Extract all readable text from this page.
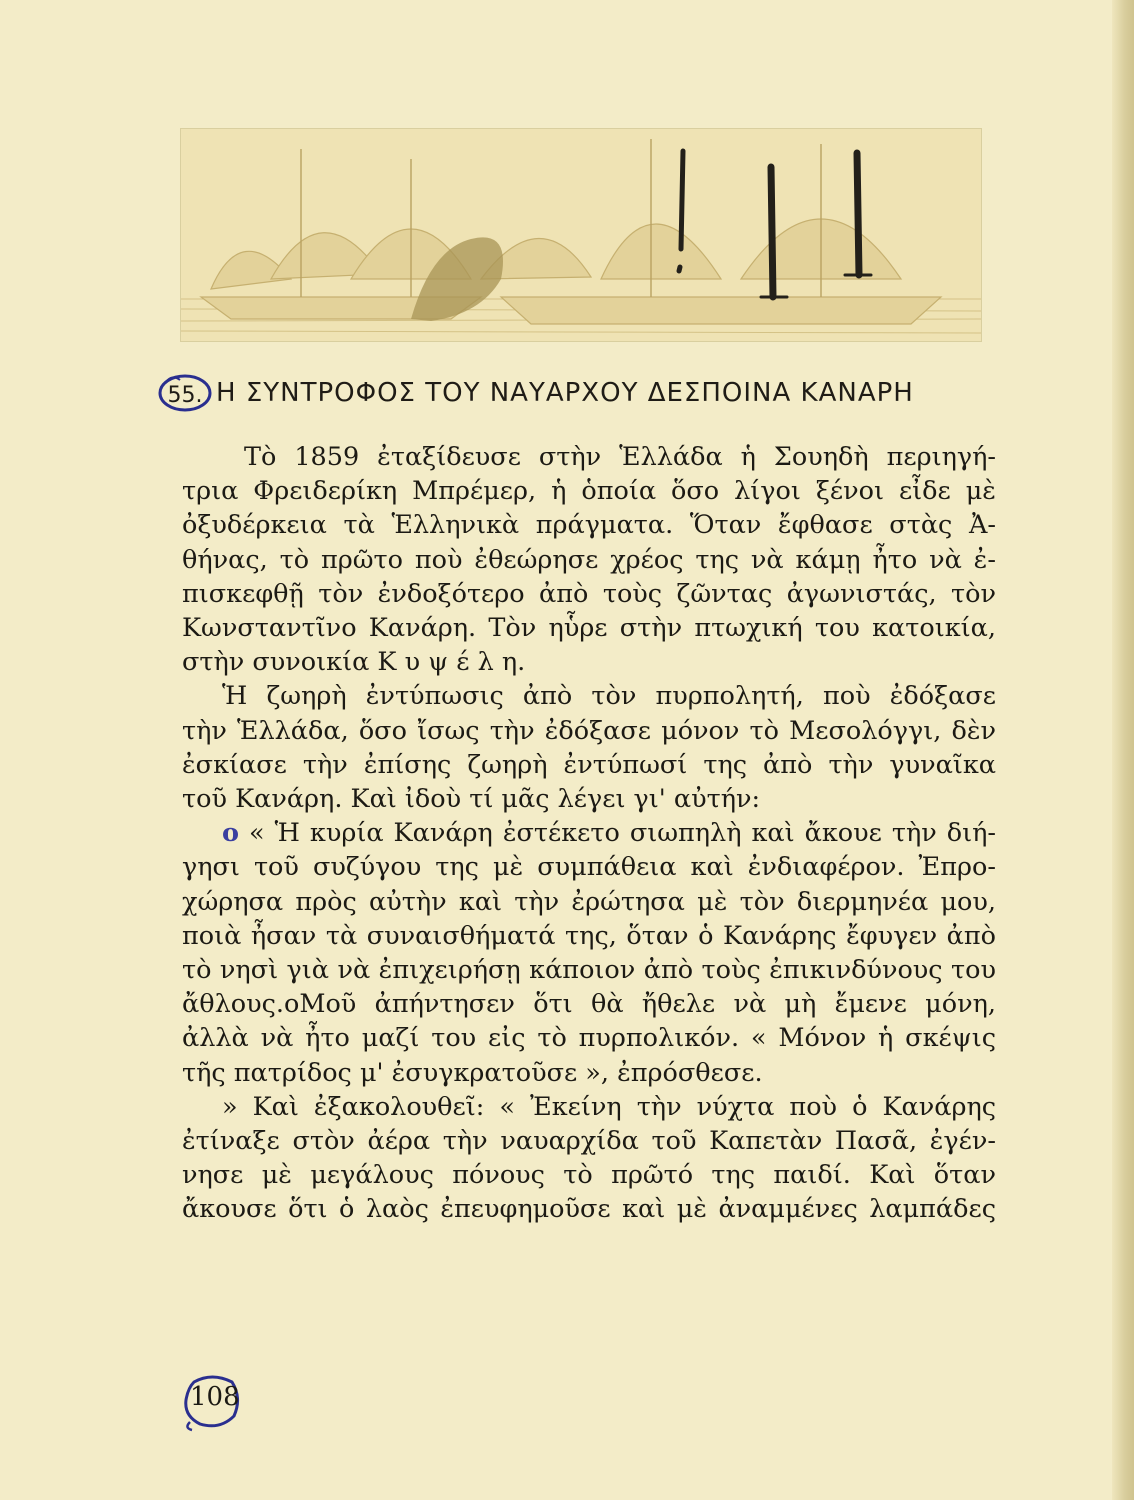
55. Η ΣΥΝΤΡΟΦΟΣ ΤΟΥ ΝΑΥΑΡΧΟΥ ΔΕΣΠΟΙΝΑ ΚΑΝΑΡΗ

Τὸ 1859 ἐταξίδευσε στὴν Ἑλλάδα ἡ Σουηδὴ περιηγή-
τρια Φρειδερίκη Μπρέμερ, ἡ ὁποία ὅσο λίγοι ξένοι εἶδε μὲ
ὀξυδέρκεια τὰ Ἑλληνικὰ πράγματα. Ὅταν ἔφθασε στὰς Ἀ-
θήνας, τὸ πρῶτο ποὺ ἐθεώρησε χρέος της νὰ κάμῃ ἦτο νὰ ἐ-
πισκεφθῇ τὸν ἐνδοξότερο ἀπὸ τοὺς ζῶντας ἀγωνιστάς, τὸν
Κωνσταντῖνο Κανάρη. Τὸν ηὗρε στὴν πτωχική του κατοικία,
στὴν συνοικία Κ υ ψ έ λ η.

Ἡ ζωηρὴ ἐντύπωσις ἀπὸ τὸν πυρπολητή, ποὺ ἐδόξασε
τὴν Ἑλλάδα, ὅσο ἴσως τὴν ἐδόξασε μόνον τὸ Μεσολόγγι, δὲν
ἐσκίασε τὴν ἐπίσης ζωηρὴ ἐντύπωσί της ἀπὸ τὴν γυναῖκα
τοῦ Κανάρη. Καὶ ἰδοὺ τί μᾶς λέγει γι' αὐτήν:

o « Ἡ κυρία Κανάρη ἐστέκετο σιωπηλὴ καὶ ἄκουε τὴν διή-
γησι τοῦ συζύγου της μὲ συμπάθεια καὶ ἐνδιαφέρον. Ἐπρο-
χώρησα πρὸς αὐτὴν καὶ τὴν ἐρώτησα μὲ τὸν διερμηνέα μου,
ποιὰ ἦσαν τὰ συναισθήματά της, ὅταν ὁ Κανάρης ἔφυγεν ἀπὸ
τὸ νησὶ γιὰ νὰ ἐπιχειρήσῃ κάποιον ἀπὸ τοὺς ἐπικινδύνους του
ἄθλους.οΜοῦ ἀπήντησεν ὅτι θὰ ἤθελε νὰ μὴ ἔμενε μόνη,
ἀλλὰ νὰ ἦτο μαζί του εἰς τὸ πυρπολικόν. « Μόνον ἡ σκέψις
τῆς πατρίδος μ' ἐσυγκρατοῦσε », ἐπρόσθεσε.

» Καὶ ἐξακολουθεῖ: « Ἐκείνη τὴν νύχτα ποὺ ὁ Κανάρης
ἐτίναξε στὸν ἀέρα τὴν ναυαρχίδα τοῦ Καπετὰν Πασᾶ, ἐγέν-
νησε μὲ μεγάλους πόνους τὸ πρῶτό της παιδί. Καὶ ὅταν
ἄκουσε ὅτι ὁ λαὸς ἐπευφημοῦσε καὶ μὲ ἀναμμένες λαμπάδες

108
